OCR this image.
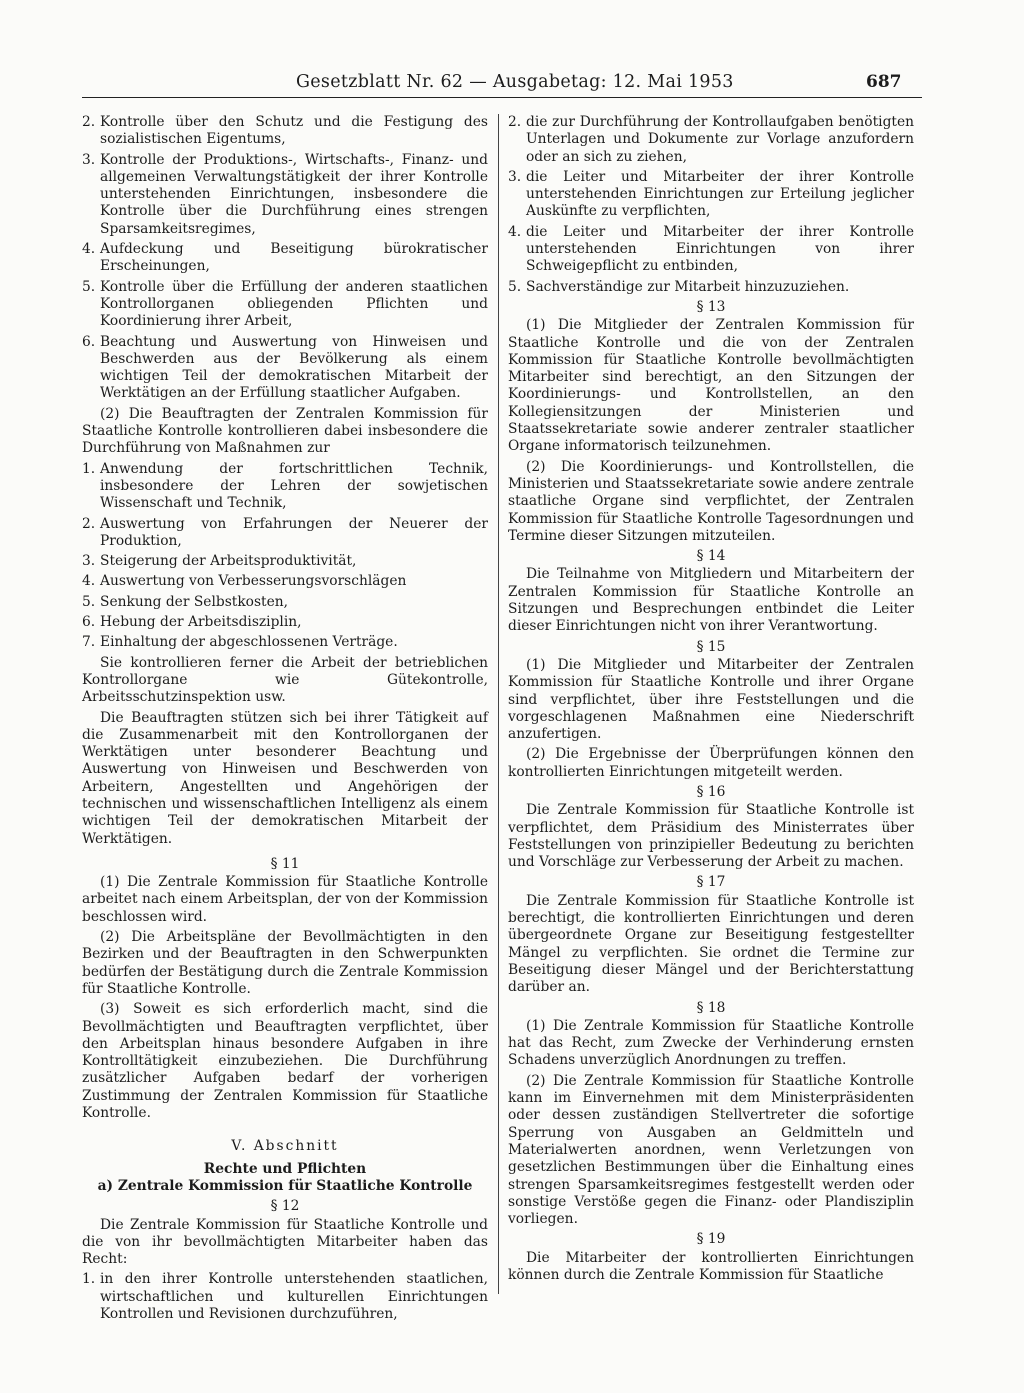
Gesetzblatt Nr. 62 — Ausgabetag: 12. Mai 1953	687
2. Kontrolle über den Schutz und die Festigung des sozialistischen Eigentums,
3. Kontrolle der Produktions-, Wirtschafts-, Finanz- und allgemeinen Verwaltungstätigkeit der ihrer Kontrolle unterstehenden Einrichtungen, insbesondere die Kontrolle über die Durchführung eines strengen Sparsamkeitsregimes,
4. Aufdeckung und Beseitigung bürokratischer Erscheinungen,
5. Kontrolle über die Erfüllung der anderen staatlichen Kontrollorganen obliegenden Pflichten und Koordinierung ihrer Arbeit,
6. Beachtung und Auswertung von Hinweisen und Beschwerden aus der Bevölkerung als einem wichtigen Teil der demokratischen Mitarbeit der Werktätigen an der Erfüllung staatlicher Aufgaben.

(2) Die Beauftragten der Zentralen Kommission für Staatliche Kontrolle kontrollieren dabei insbesondere die Durchführung von Maßnahmen zur

1. Anwendung der fortschrittlichen Technik, insbesondere der Lehren der sowjetischen Wissenschaft und Technik,
2. Auswertung von Erfahrungen der Neuerer der Produktion,
3. Steigerung der Arbeitsproduktivität,
4. Auswertung von Verbesserungsvorschlägen
5. Senkung der Selbstkosten,
6. Hebung der Arbeitsdisziplin,
7. Einhaltung der abgeschlossenen Verträge.

Sie kontrollieren ferner die Arbeit der betrieblichen Kontrollorgane wie Gütekontrolle, Arbeitsschutzinspektion usw.

Die Beauftragten stützen sich bei ihrer Tätigkeit auf die Zusammenarbeit mit den Kontrollorganen der Werktätigen unter besonderer Beachtung und Auswertung von Hinweisen und Beschwerden von Arbeitern, Angestellten und Angehörigen der technischen und wissenschaftlichen Intelligenz als einem wichtigen Teil der demokratischen Mitarbeit der Werktätigen.

§ 11

(1) Die Zentrale Kommission für Staatliche Kontrolle arbeitet nach einem Arbeitsplan, der von der Kommission beschlossen wird.

(2) Die Arbeitspläne der Bevollmächtigten in den Bezirken und der Beauftragten in den Schwerpunkten bedürfen der Bestätigung durch die Zentrale Kommission für Staatliche Kontrolle.

(3) Soweit es sich erforderlich macht, sind die Bevollmächtigten und Beauftragten verpflichtet, über den Arbeitsplan hinaus besondere Aufgaben in ihre Kontrolltätigkeit einzubeziehen. Die Durchführung zusätzlicher Aufgaben bedarf der vorherigen Zustimmung der Zentralen Kommission für Staatliche Kontrolle.

V. Abschnitt
Rechte und Pflichten
a) Zentrale Kommission für Staatliche Kontrolle
§ 12

Die Zentrale Kommission für Staatliche Kontrolle und die von ihr bevollmächtigten Mitarbeiter haben das Recht:

1. in den ihrer Kontrolle unterstehenden staatlichen, wirtschaftlichen und kulturellen Einrichtungen Kontrollen und Revisionen durchzuführen,
2. die zur Durchführung der Kontrollaufgaben benötigten Unterlagen und Dokumente zur Vorlage anzufordern oder an sich zu ziehen,
3. die Leiter und Mitarbeiter der ihrer Kontrolle unterstehenden Einrichtungen zur Erteilung jeglicher Auskünfte zu verpflichten,
4. die Leiter und Mitarbeiter der ihrer Kontrolle unterstehenden Einrichtungen von ihrer Schweigepflicht zu entbinden,
5. Sachverständige zur Mitarbeit hinzuzuziehen.
§ 13

(1) Die Mitglieder der Zentralen Kommission für Staatliche Kontrolle und die von der Zentralen Kommission für Staatliche Kontrolle bevollmächtigten Mitarbeiter sind berechtigt, an den Sitzungen der Koordinierungs- und Kontrollstellen, an den Kollegiensitzungen der Ministerien und Staatssekretariate sowie anderer zentraler staatlicher Organe informatorisch teilzunehmen.

(2) Die Koordinierungs- und Kontrollstellen, die Ministerien und Staatssekretariate sowie andere zentrale staatliche Organe sind verpflichtet, der Zentralen Kommission für Staatliche Kontrolle Tagesordnungen und Termine dieser Sitzungen mitzuteilen.

§ 14

Die Teilnahme von Mitgliedern und Mitarbeitern der Zentralen Kommission für Staatliche Kontrolle an Sitzungen und Besprechungen entbindet die Leiter dieser Einrichtungen nicht von ihrer Verantwortung.

§ 15

(1) Die Mitglieder und Mitarbeiter der Zentralen Kommission für Staatliche Kontrolle und ihrer Organe sind verpflichtet, über ihre Feststellungen und die vorgeschlagenen Maßnahmen eine Niederschrift anzufertigen.

(2) Die Ergebnisse der Überprüfungen können den kontrollierten Einrichtungen mitgeteilt werden.

§ 16

Die Zentrale Kommission für Staatliche Kontrolle ist verpflichtet, dem Präsidium des Ministerrates über Feststellungen von prinzipieller Bedeutung zu berichten und Vorschläge zur Verbesserung der Arbeit zu machen.

§ 17

Die Zentrale Kommission für Staatliche Kontrolle ist berechtigt, die kontrollierten Einrichtungen und deren übergeordnete Organe zur Beseitigung festgestellter Mängel zu verpflichten. Sie ordnet die Termine zur Beseitigung dieser Mängel und der Berichterstattung darüber an.

§ 18

(1) Die Zentrale Kommission für Staatliche Kontrolle hat das Recht, zum Zwecke der Verhinderung ernsten Schadens unverzüglich Anordnungen zu treffen.

(2) Die Zentrale Kommission für Staatliche Kontrolle kann im Einvernehmen mit dem Ministerpräsidenten oder dessen zuständigen Stellvertreter die sofortige Sperrung von Ausgaben an Geldmitteln und Materialwerten anordnen, wenn Verletzungen von gesetzlichen Bestimmungen über die Einhaltung eines strengen Sparsamkeitsregimes festgestellt werden oder sonstige Verstöße gegen die Finanz- oder Plandisziplin vorliegen.

§ 19

Die Mitarbeiter der kontrollierten Einrichtungen können durch die Zentrale Kommission für Staatliche
